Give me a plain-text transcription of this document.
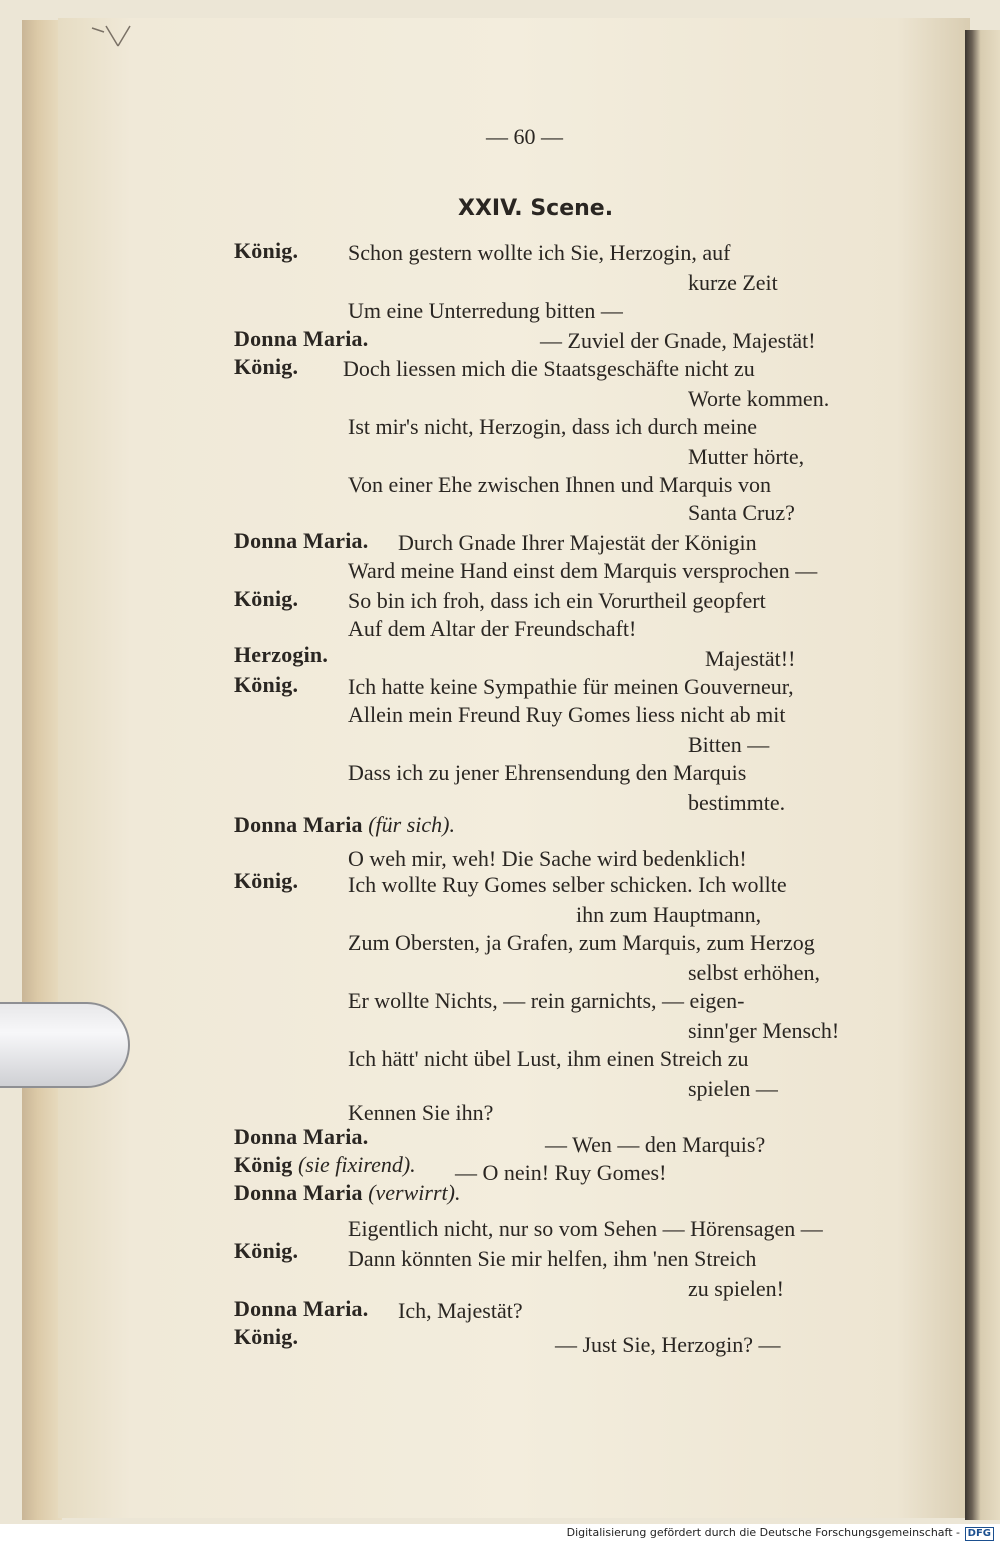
— 60 —
XXIV. Scene.
König. Schon gestern wollte ich Sie, Herzogin, auf
kurze Zeit
Um eine Unterredung bitten —
Donna Maria.	— Zuviel der Gnade, Majestät!
König. Doch liessen mich die Staatsgeschäfte nicht zu
Worte kommen.
Ist mir's nicht, Herzogin, dass ich durch meine
Mutter hörte,
Von einer Ehe zwischen Ihnen und Marquis von
Santa Cruz?
Donna Maria. Durch Gnade Ihrer Majestät der Königin
Ward meine Hand einst dem Marquis versprochen —
König. So bin ich froh, dass ich ein Vorurtheil geopfert
Auf dem Altar der Freundschaft!
Herzogin.	Majestät!!
König. Ich hatte keine Sympathie für meinen Gouverneur,
Allein mein Freund Ruy Gomes liess nicht ab mit
Bitten —
Dass ich zu jener Ehrensendung den Marquis
bestimmte.
Donna Maria (für sich).
O weh mir, weh! Die Sache wird bedenklich!
König. Ich wollte Ruy Gomes selber schicken. Ich wollte
ihn zum Hauptmann,
Zum Obersten, ja Grafen, zum Marquis, zum Herzog
selbst erhöhen,
Er wollte Nichts, — rein garnichts, — eigen-
sinn'ger Mensch!
Ich hätt' nicht übel Lust, ihm einen Streich zu
spielen —
Kennen Sie ihn?
Donna Maria.	— Wen — den Marquis?
König (sie fixirend). — O nein! Ruy Gomes!
Donna Maria (verwirrt).
Eigentlich nicht, nur so vom Sehen — Hörensagen —
König. Dann könnten Sie mir helfen, ihm 'nen Streich
zu spielen!
Donna Maria. Ich, Majestät?
König.	— Just Sie, Herzogin? —
Digitalisierung gefördert durch die Deutsche Forschungsgemeinschaft - DFG
